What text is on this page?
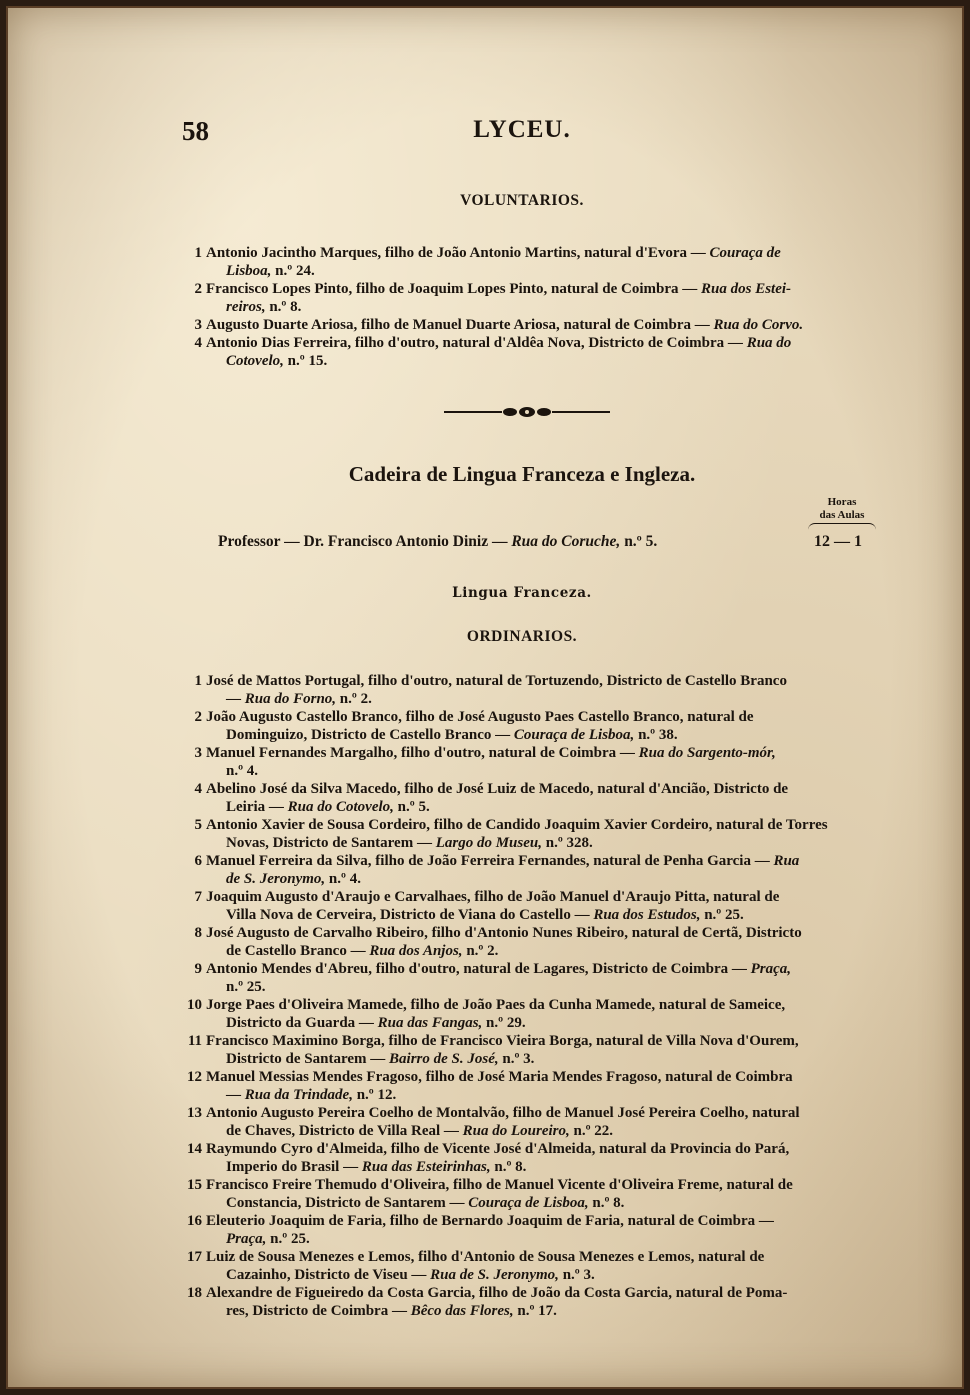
58	LYCEU.
VOLUNTARIOS.
1 Antonio Jacintho Marques, filho de João Antonio Martins, natural d'Evora — Couraça de
Lisboa, n.º 24.
2 Francisco Lopes Pinto, filho de Joaquim Lopes Pinto, natural de Coimbra — Rua dos Estei-
reiros, n.º 8.
3 Augusto Duarte Ariosa, filho de Manuel Duarte Ariosa, natural de Coimbra — Rua do Corvo.
4 Antonio Dias Ferreira, filho d'outro, natural d'Aldêa Nova, Districto de Coimbra — Rua do
Cotovelo, n.º 15.
Cadeira de Lingua Franceza e Ingleza.
Horas
das Aulas
Professor — Dr. Francisco Antonio Diniz — Rua do Coruche, n.º 5.	12 — 1
Lingua Franceza.
ORDINARIOS.
1 José de Mattos Portugal, filho d'outro, natural de Tortuzendo, Districto de Castello Branco
— Rua do Forno, n.º 2.
2 João Augusto Castello Branco, filho de José Augusto Paes Castello Branco, natural de
Dominguizo, Districto de Castello Branco — Couraça de Lisboa, n.º 38.
3 Manuel Fernandes Margalho, filho d'outro, natural de Coimbra — Rua do Sargento-mór,
n.º 4.
4 Abelino José da Silva Macedo, filho de José Luiz de Macedo, natural d'Ancião, Districto de
Leiria — Rua do Cotovelo, n.º 5.
5 Antonio Xavier de Sousa Cordeiro, filho de Candido Joaquim Xavier Cordeiro, natural de Torres
Novas, Districto de Santarem — Largo do Museu, n.º 328.
6 Manuel Ferreira da Silva, filho de João Ferreira Fernandes, natural de Penha Garcia — Rua
de S. Jeronymo, n.º 4.
7 Joaquim Augusto d'Araujo e Carvalhaes, filho de João Manuel d'Araujo Pitta, natural de
Villa Nova de Cerveira, Districto de Viana do Castello — Rua dos Estudos, n.º 25.
8 José Augusto de Carvalho Ribeiro, filho d'Antonio Nunes Ribeiro, natural de Certã, Districto
de Castello Branco — Rua dos Anjos, n.º 2.
9 Antonio Mendes d'Abreu, filho d'outro, natural de Lagares, Districto de Coimbra — Praça,
n.º 25.
10 Jorge Paes d'Oliveira Mamede, filho de João Paes da Cunha Mamede, natural de Sameice,
Districto da Guarda — Rua das Fangas, n.º 29.
11 Francisco Maximino Borga, filho de Francisco Vieira Borga, natural de Villa Nova d'Ourem,
Districto de Santarem — Bairro de S. José, n.º 3.
12 Manuel Messias Mendes Fragoso, filho de José Maria Mendes Fragoso, natural de Coimbra
— Rua da Trindade, n.º 12.
13 Antonio Augusto Pereira Coelho de Montalvão, filho de Manuel José Pereira Coelho, natural
de Chaves, Districto de Villa Real — Rua do Loureiro, n.º 22.
14 Raymundo Cyro d'Almeida, filho de Vicente José d'Almeida, natural da Provincia do Pará,
Imperio do Brasil — Rua das Esteirinhas, n.º 8.
15 Francisco Freire Themudo d'Oliveira, filho de Manuel Vicente d'Oliveira Freme, natural de
Constancia, Districto de Santarem — Couraça de Lisboa, n.º 8.
16 Eleuterio Joaquim de Faria, filho de Bernardo Joaquim de Faria, natural de Coimbra —
Praça, n.º 25.
17 Luiz de Sousa Menezes e Lemos, filho d'Antonio de Sousa Menezes e Lemos, natural de
Cazainho, Districto de Viseu — Rua de S. Jeronymo, n.º 3.
18 Alexandre de Figueiredo da Costa Garcia, filho de João da Costa Garcia, natural de Poma-
res, Districto de Coimbra — Bêco das Flores, n.º 17.
